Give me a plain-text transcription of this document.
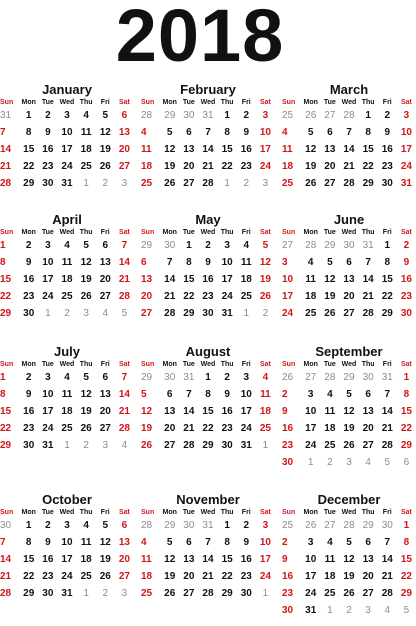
2018
January
Sun	Mon	Tue	Wed	Thu	Fri	Sat
31	1	2	3	4	5	6
7	8	9	10	11	12	13
14	15	16	17	18	19	20
21	22	23	24	25	26	27
28	29	30	31	1	2	3
February
Sun	Mon	Tue	Wed	Thu	Fri	Sat
28	29	30	31	1	2	3
4	5	6	7	8	9	10
11	12	13	14	15	16	17
18	19	20	21	22	23	24
25	26	27	28	1	2	3
March
Sun	Mon	Tue	Wed	Thu	Fri	Sat
25	26	27	28	1	2	3
4	5	6	7	8	9	10
11	12	13	14	15	16	17
18	19	20	21	22	23	24
25	26	27	28	29	30	31
April
Sun	Mon	Tue	Wed	Thu	Fri	Sat
1	2	3	4	5	6	7
8	9	10	11	12	13	14
15	16	17	18	19	20	21
22	23	24	25	26	27	28
29	30	1	2	3	4	5
May
Sun	Mon	Tue	Wed	Thu	Fri	Sat
29	30	1	2	3	4	5
6	7	8	9	10	11	12
13	14	15	16	17	18	19
20	21	22	23	24	25	26
27	28	29	30	31	1	2
June
Sun	Mon	Tue	Wed	Thu	Fri	Sat
27	28	29	30	31	1	2
3	4	5	6	7	8	9
10	11	12	13	14	15	16
17	18	19	20	21	22	23
24	25	26	27	28	29	30
July
Sun	Mon	Tue	Wed	Thu	Fri	Sat
1	2	3	4	5	6	7
8	9	10	11	12	13	14
15	16	17	18	19	20	21
22	23	24	25	26	27	28
29	30	31	1	2	3	4
August
Sun	Mon	Tue	Wed	Thu	Fri	Sat
29	30	31	1	2	3	4
5	6	7	8	9	10	11
12	13	14	15	16	17	18
19	20	21	22	23	24	25
26	27	28	29	30	31	1
September
Sun	Mon	Tue	Wed	Thu	Fri	Sat
26	27	28	29	30	31	1
2	3	4	5	6	7	8
9	10	11	12	13	14	15
16	17	18	19	20	21	22
23	24	25	26	27	28	29
30	1	2	3	4	5	6
October
Sun	Mon	Tue	Wed	Thu	Fri	Sat
30	1	2	3	4	5	6
7	8	9	10	11	12	13
14	15	16	17	18	19	20
21	22	23	24	25	26	27
28	29	30	31	1	2	3
November
Sun	Mon	Tue	Wed	Thu	Fri	Sat
28	29	30	31	1	2	3
4	5	6	7	8	9	10
11	12	13	14	15	16	17
18	19	20	21	22	23	24
25	26	27	28	29	30	1
December
Sun	Mon	Tue	Wed	Thu	Fri	Sat
25	26	27	28	29	30	1
2	3	4	5	6	7	8
9	10	11	12	13	14	15
16	17	18	19	20	21	22
23	24	25	26	27	28	29
30	31	1	2	3	4	5
